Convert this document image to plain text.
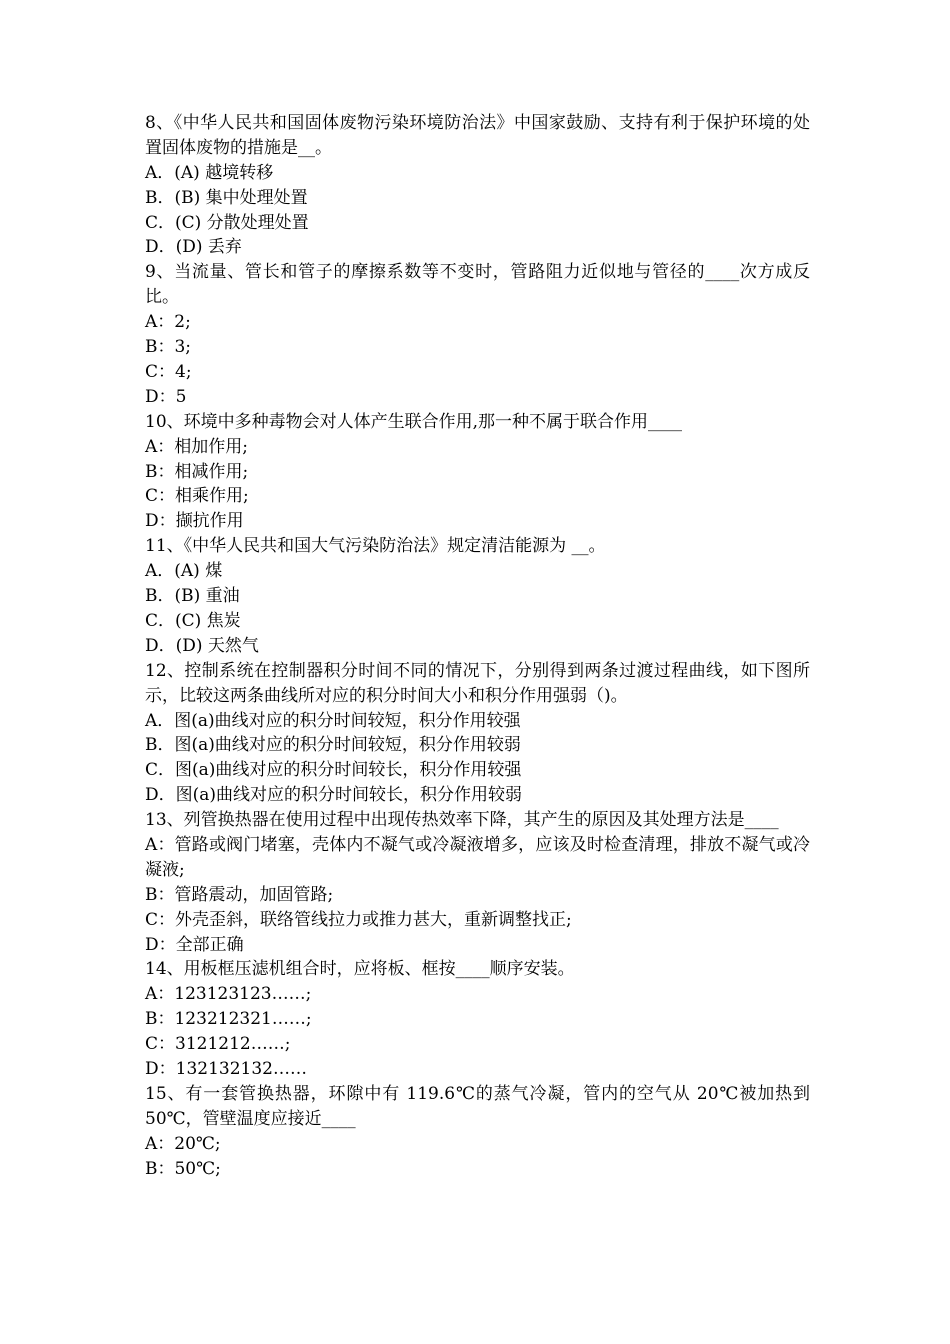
8、《中华人民共和国固体废物污染环境防治法》中国家鼓励、支持有利于保护环境的处置固体废物的措施是__。
A．(A) 越境转移
B．(B) 集中处理处置
C．(C) 分散处理处置
D．(D) 丢弃
9、当流量、管长和管子的摩擦系数等不变时，管路阻力近似地与管径的____次方成反比。
A：2;
B：3;
C：4;
D：5
10、环境中多种毒物会对人体产生联合作用,那一种不属于联合作用____
A：相加作用;
B：相减作用;
C：相乘作用;
D：撷抗作用
11、《中华人民共和国大气污染防治法》规定清洁能源为 __。
A．(A) 煤
B．(B) 重油
C．(C) 焦炭
D．(D) 天然气
12、控制系统在控制器积分时间不同的情况下，分别得到两条过渡过程曲线，如下图所示，比较这两条曲线所对应的积分时间大小和积分作用强弱（)。
A．图(a)曲线对应的积分时间较短，积分作用较强
B．图(a)曲线对应的积分时间较短，积分作用较弱
C．图(a)曲线对应的积分时间较长，积分作用较强
D．图(a)曲线对应的积分时间较长，积分作用较弱
13、列管换热器在使用过程中出现传热效率下降，其产生的原因及其处理方法是____
A：管路或阀门堵塞，壳体内不凝气或冷凝液增多，应该及时检查清理，排放不凝气或冷凝液;
B：管路震动，加固管路;
C：外壳歪斜，联络管线拉力或推力甚大，重新调整找正;
D：全部正确
14、用板框压滤机组合时，应将板、框按____顺序安装。
A：123123123……;
B：123212321……;
C：3121212……;
D：132132132……
15、有一套管换热器，环隙中有 119.6℃的蒸气冷凝，管内的空气从 20℃被加热到 50℃，管壁温度应接近____
A：20℃;
B：50℃;
